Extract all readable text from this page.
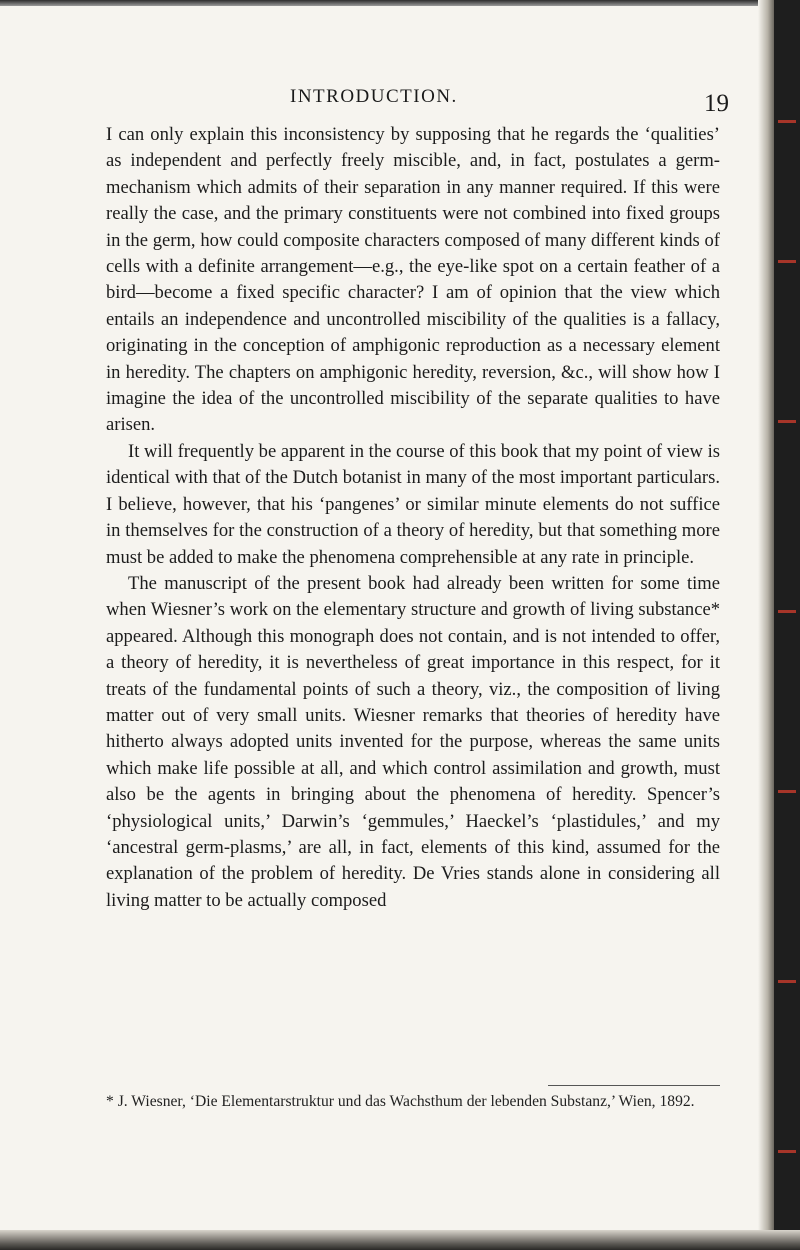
INTRODUCTION.	19

I can only explain this inconsistency by supposing that he regards the ‘qualities’ as independent and perfectly freely miscible, and, in fact, postulates a germ-mechanism which admits of their separation in any manner required. If this were really the case, and the primary constituents were not combined into fixed groups in the germ, how could composite characters composed of many different kinds of cells with a definite arrangement—e.g., the eye-like spot on a certain feather of a bird—become a fixed specific character? I am of opinion that the view which entails an independence and uncontrolled miscibility of the qualities is a fallacy, originating in the conception of amphigonic reproduction as a necessary element in heredity. The chapters on amphigonic heredity, reversion, &c., will show how I imagine the idea of the uncontrolled miscibility of the separate qualities to have arisen.

It will frequently be apparent in the course of this book that my point of view is identical with that of the Dutch botanist in many of the most important particulars. I believe, however, that his ‘pangenes’ or similar minute elements do not suffice in themselves for the construction of a theory of heredity, but that something more must be added to make the phenomena comprehensible at any rate in principle.

The manuscript of the present book had already been written for some time when Wiesner’s work on the elementary structure and growth of living substance* appeared. Although this monograph does not contain, and is not intended to offer, a theory of heredity, it is nevertheless of great importance in this respect, for it treats of the fundamental points of such a theory, viz., the composition of living matter out of very small units. Wiesner remarks that theories of heredity have hitherto always adopted units invented for the purpose, whereas the same units which make life possible at all, and which control assimilation and growth, must also be the agents in bringing about the phenomena of heredity. Spencer’s ‘physiological units,’ Darwin’s ‘gemmules,’ Haeckel’s ‘plastidules,’ and my ‘ancestral germ-plasms,’ are all, in fact, elements of this kind, assumed for the explanation of the problem of heredity. De Vries stands alone in considering all living matter to be actually composed

* J. Wiesner, ‘Die Elementarstruktur und das Wachsthum der lebenden Substanz,’ Wien, 1892.
